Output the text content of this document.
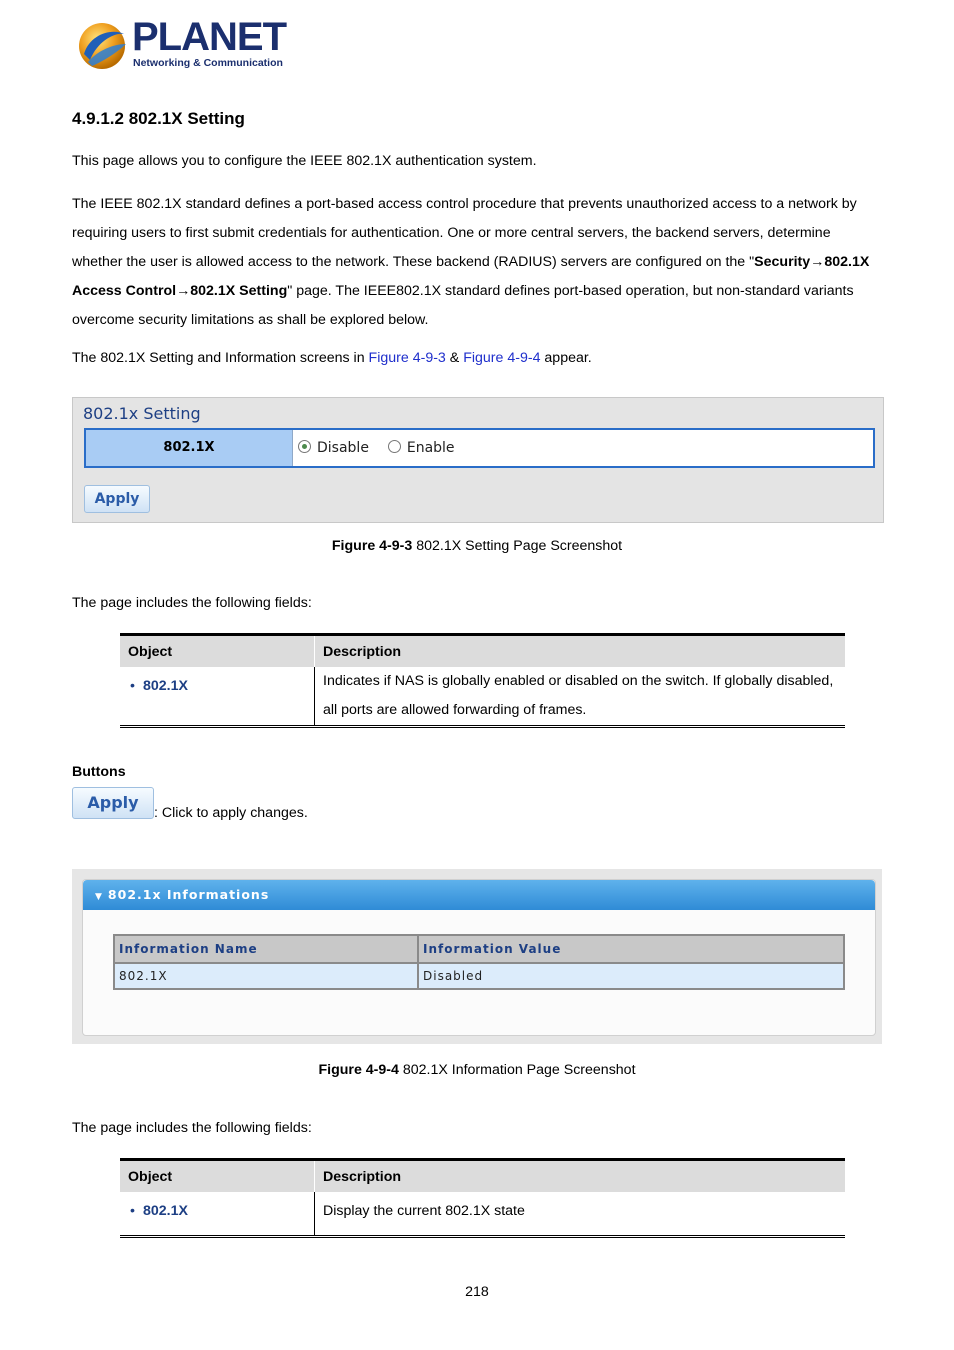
PLANET
Networking & Communication
4.9.1.2 802.1X Setting
This page allows you to configure the IEEE 802.1X authentication system.
The IEEE 802.1X standard defines a port-based access control procedure that prevents unauthorized access to a network by
requiring users to first submit credentials for authentication. One or more central servers, the backend servers, determine
whether the user is allowed access to the network. These backend (RADIUS) servers are configured on the "Security→802.1X
Access Control→802.1X Setting" page. The IEEE802.1X standard defines port-based operation, but non-standard variants
overcome security limitations as shall be explored below.
The 802.1X Setting and Information screens in Figure 4-9-3 & Figure 4-9-4 appear.
802.1x Setting
802.1X	Disable	Enable
Apply
Figure 4-9-3 802.1X Setting Page Screenshot
The page includes the following fields:
Object	Description
• 802.1X	Indicates if NAS is globally enabled or disabled on the switch. If globally disabled,
all ports are allowed forwarding of frames.
Buttons
Apply
: Click to apply changes.
▼ 802.1x Informations
Information Name	Information Value
802.1X	Disabled
Figure 4-9-4 802.1X Information Page Screenshot
The page includes the following fields:
Object	Description
• 802.1X	Display the current 802.1X state
218
